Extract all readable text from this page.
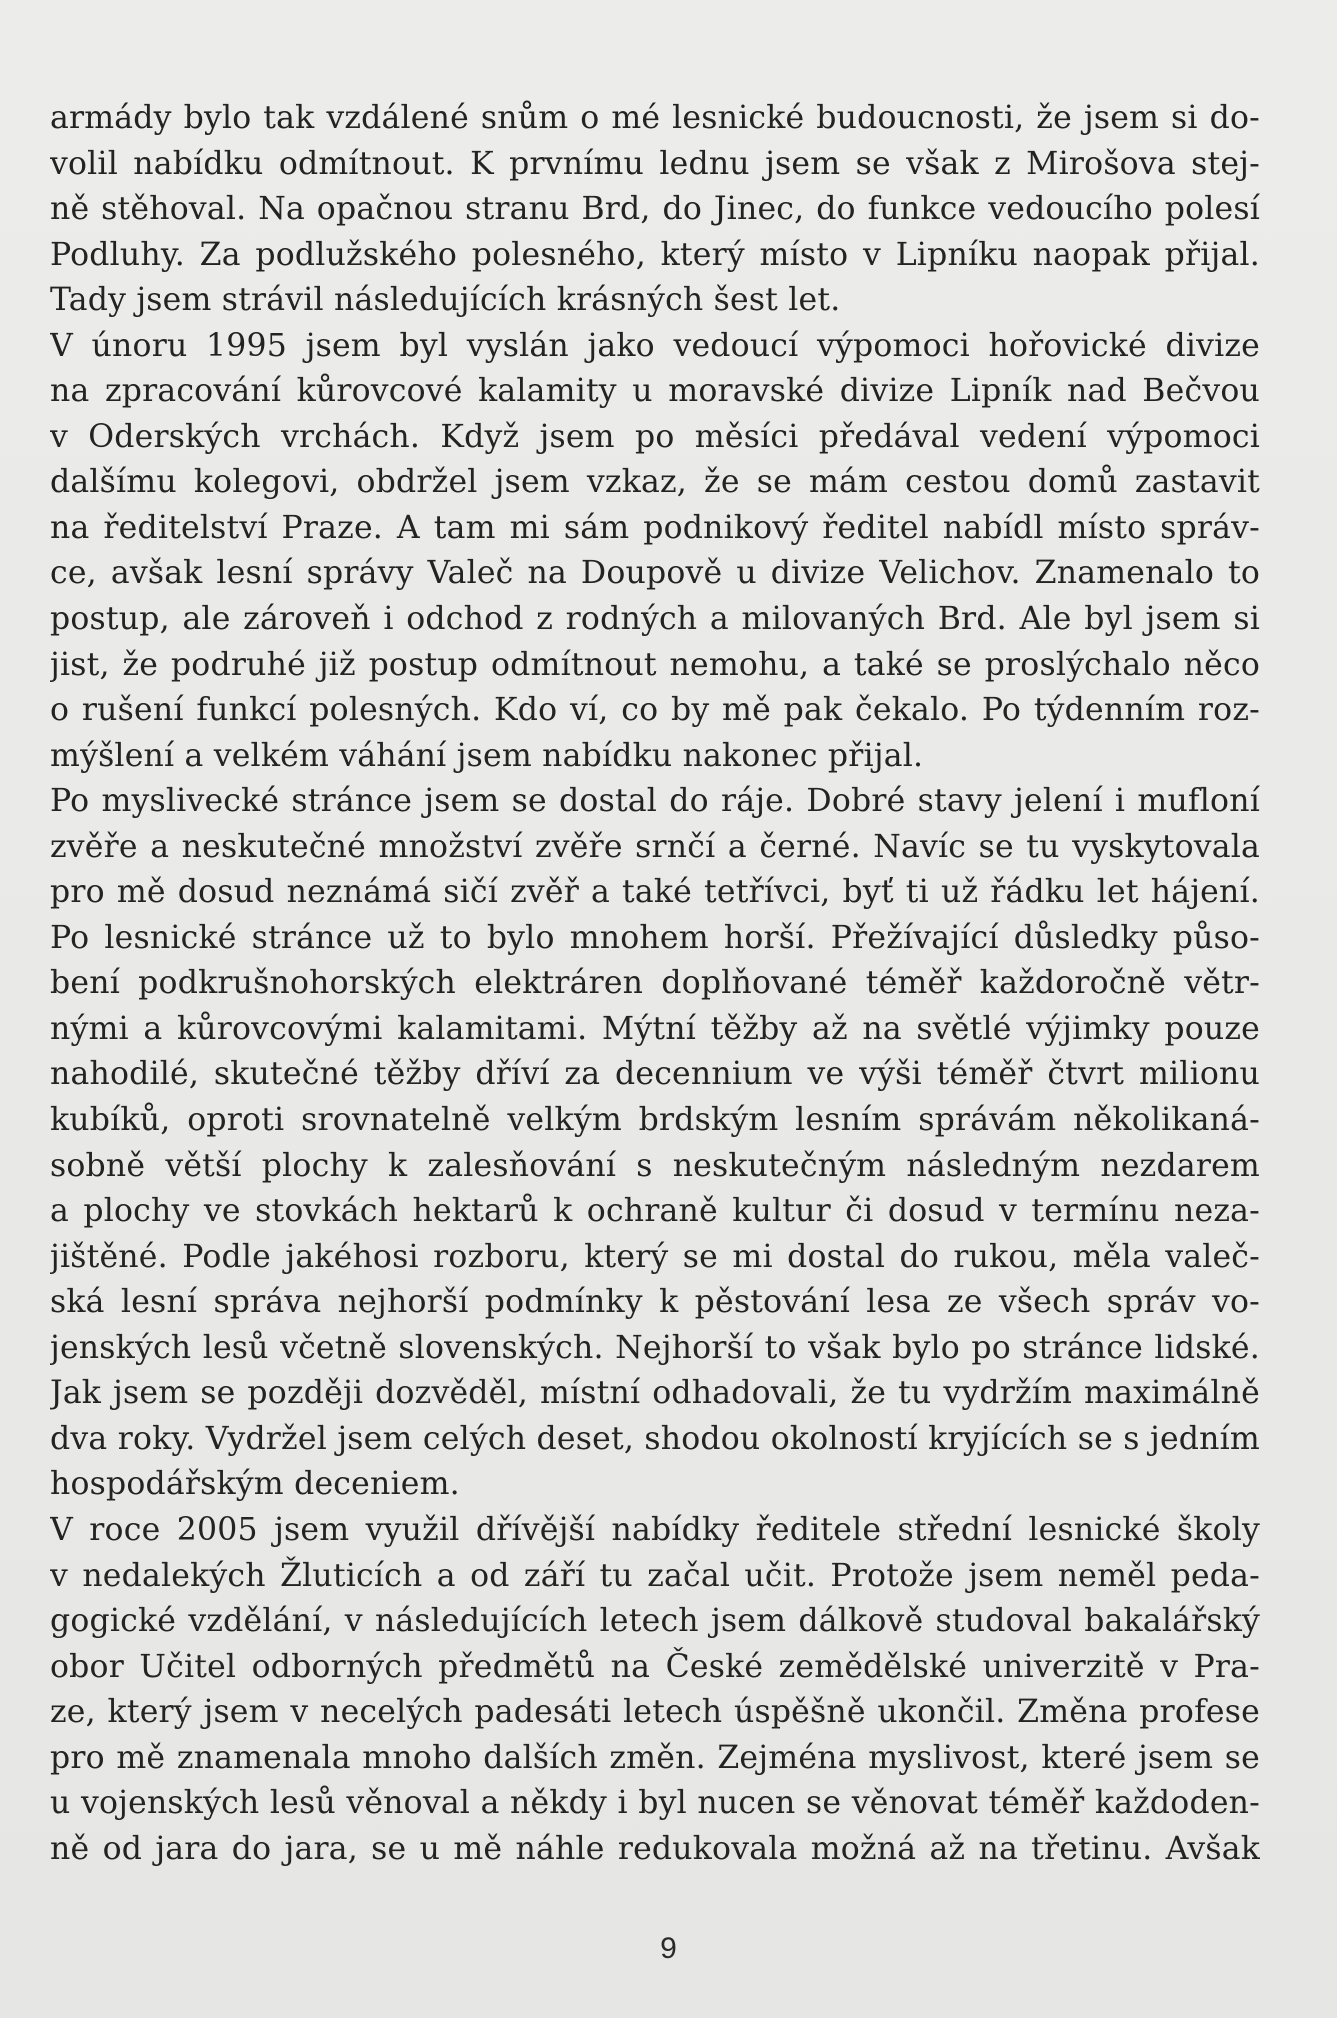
armády bylo tak vzdálené snům o mé lesnické budoucnosti, že jsem si do-
volil nabídku odmítnout. K prvnímu lednu jsem se však z Mirošova stej-
ně stěhoval. Na opačnou stranu Brd, do Jinec, do funkce vedoucího polesí
Podluhy. Za podlužského polesného, který místo v Lipníku naopak přijal.
Tady jsem strávil následujících krásných šest let.
V únoru 1995 jsem byl vyslán jako vedoucí výpomoci hořovické divize
na zpracování kůrovcové kalamity u moravské divize Lipník nad Bečvou
v Oderských vrchách. Když jsem po měsíci předával vedení výpomoci
dalšímu kolegovi, obdržel jsem vzkaz, že se mám cestou domů zastavit
na ředitelství Praze. A tam mi sám podnikový ředitel nabídl místo správ-
ce, avšak lesní správy Valeč na Doupově u divize Velichov. Znamenalo to
postup, ale zároveň i odchod z rodných a milovaných Brd. Ale byl jsem si
jist, že podruhé již postup odmítnout nemohu, a také se proslýchalo něco
o rušení funkcí polesných. Kdo ví, co by mě pak čekalo. Po týdenním roz-
mýšlení a velkém váhání jsem nabídku nakonec přijal.
Po myslivecké stránce jsem se dostal do ráje. Dobré stavy jelení i mufloní
zvěře a neskutečné množství zvěře srnčí a černé. Navíc se tu vyskytovala
pro mě dosud neznámá sičí zvěř a také tetřívci, byť ti už řádku let hájení.
Po lesnické stránce už to bylo mnohem horší. Přežívající důsledky půso-
bení podkrušnohorských elektráren doplňované téměř každoročně větr-
nými a kůrovcovými kalamitami. Mýtní těžby až na světlé výjimky pouze
nahodilé, skutečné těžby dříví za decennium ve výši téměř čtvrt milionu
kubíků, oproti srovnatelně velkým brdským lesním správám několikaná-
sobně větší plochy k zalesňování s neskutečným následným nezdarem
a plochy ve stovkách hektarů k ochraně kultur či dosud v termínu neza-
jištěné. Podle jakéhosi rozboru, který se mi dostal do rukou, měla valeč-
ská lesní správa nejhorší podmínky k pěstování lesa ze všech správ vo-
jenských lesů včetně slovenských. Nejhorší to však bylo po stránce lidské.
Jak jsem se později dozvěděl, místní odhadovali, že tu vydržím maximálně
dva roky. Vydržel jsem celých deset, shodou okolností kryjících se s jedním
hospodářským deceniem.
V roce 2005 jsem využil dřívější nabídky ředitele střední lesnické školy
v nedalekých Žluticích a od září tu začal učit. Protože jsem neměl peda-
gogické vzdělání, v následujících letech jsem dálkově studoval bakalářský
obor Učitel odborných předmětů na České zemědělské univerzitě v Pra-
ze, který jsem v necelých padesáti letech úspěšně ukončil. Změna profese
pro mě znamenala mnoho dalších změn. Zejména myslivost, které jsem se
u vojenských lesů věnoval a někdy i byl nucen se věnovat téměř každoden-
ně od jara do jara, se u mě náhle redukovala možná až na třetinu. Avšak
9
